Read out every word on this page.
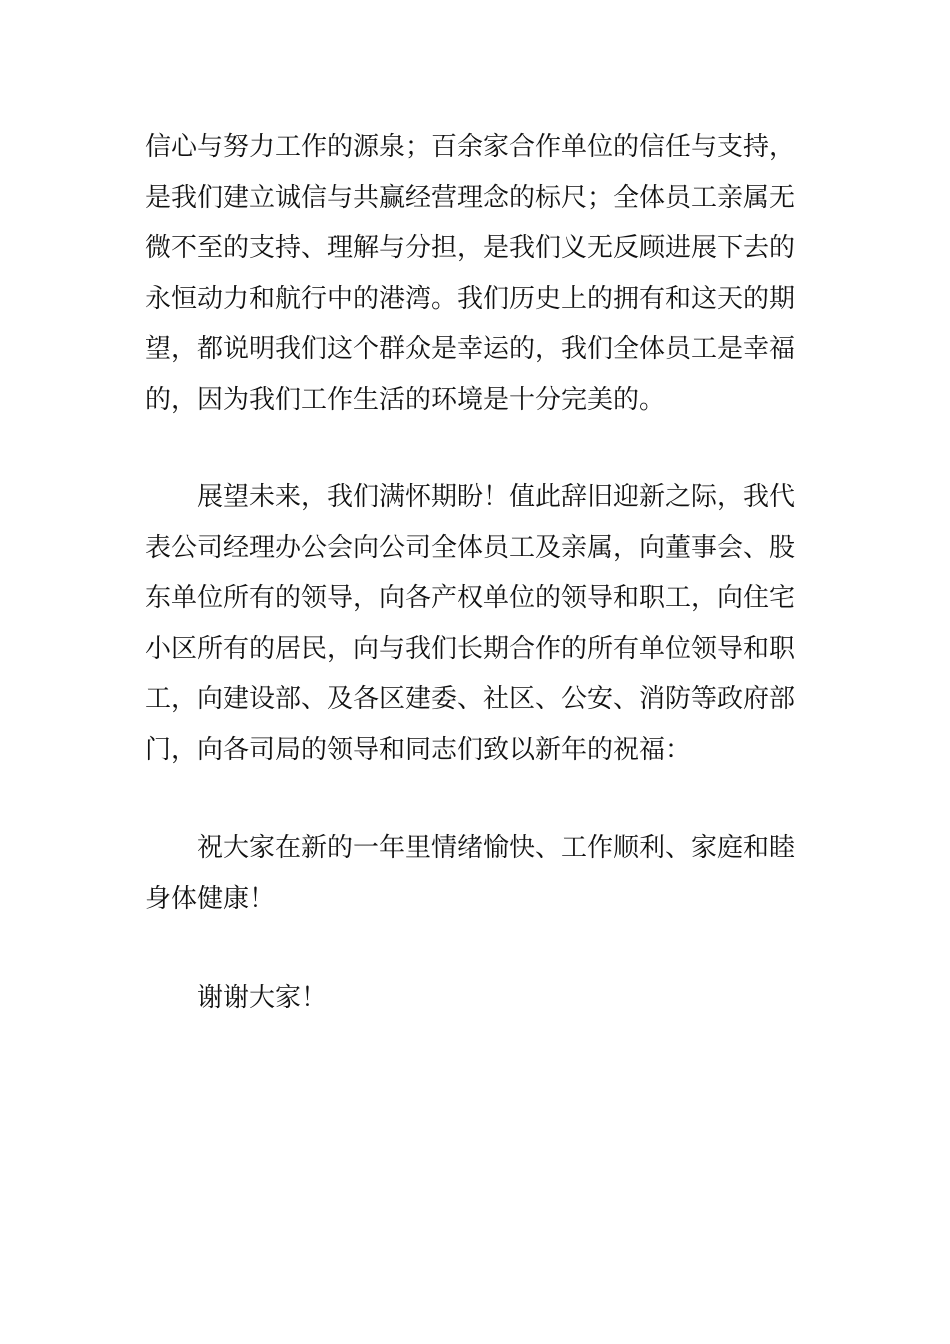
信心与努力工作的源泉；百余家合作单位的信任与支持，
是我们建立诚信与共赢经营理念的标尺；全体员工亲属无
微不至的支持、理解与分担，是我们义无反顾进展下去的
永恒动力和航行中的港湾。我们历史上的拥有和这天的期
望，都说明我们这个群众是幸运的，我们全体员工是幸福
的，因为我们工作生活的环境是十分完美的。
　　展望未来，我们满怀期盼！值此辞旧迎新之际，我代
表公司经理办公会向公司全体员工及亲属，向董事会、股
东单位所有的领导，向各产权单位的领导和职工，向住宅
小区所有的居民，向与我们长期合作的所有单位领导和职
工，向建设部、及各区建委、社区、公安、消防等政府部
门，向各司局的领导和同志们致以新年的祝福：
　　祝大家在新的一年里情绪愉快、工作顺利、家庭和睦
身体健康！
　　谢谢大家！
